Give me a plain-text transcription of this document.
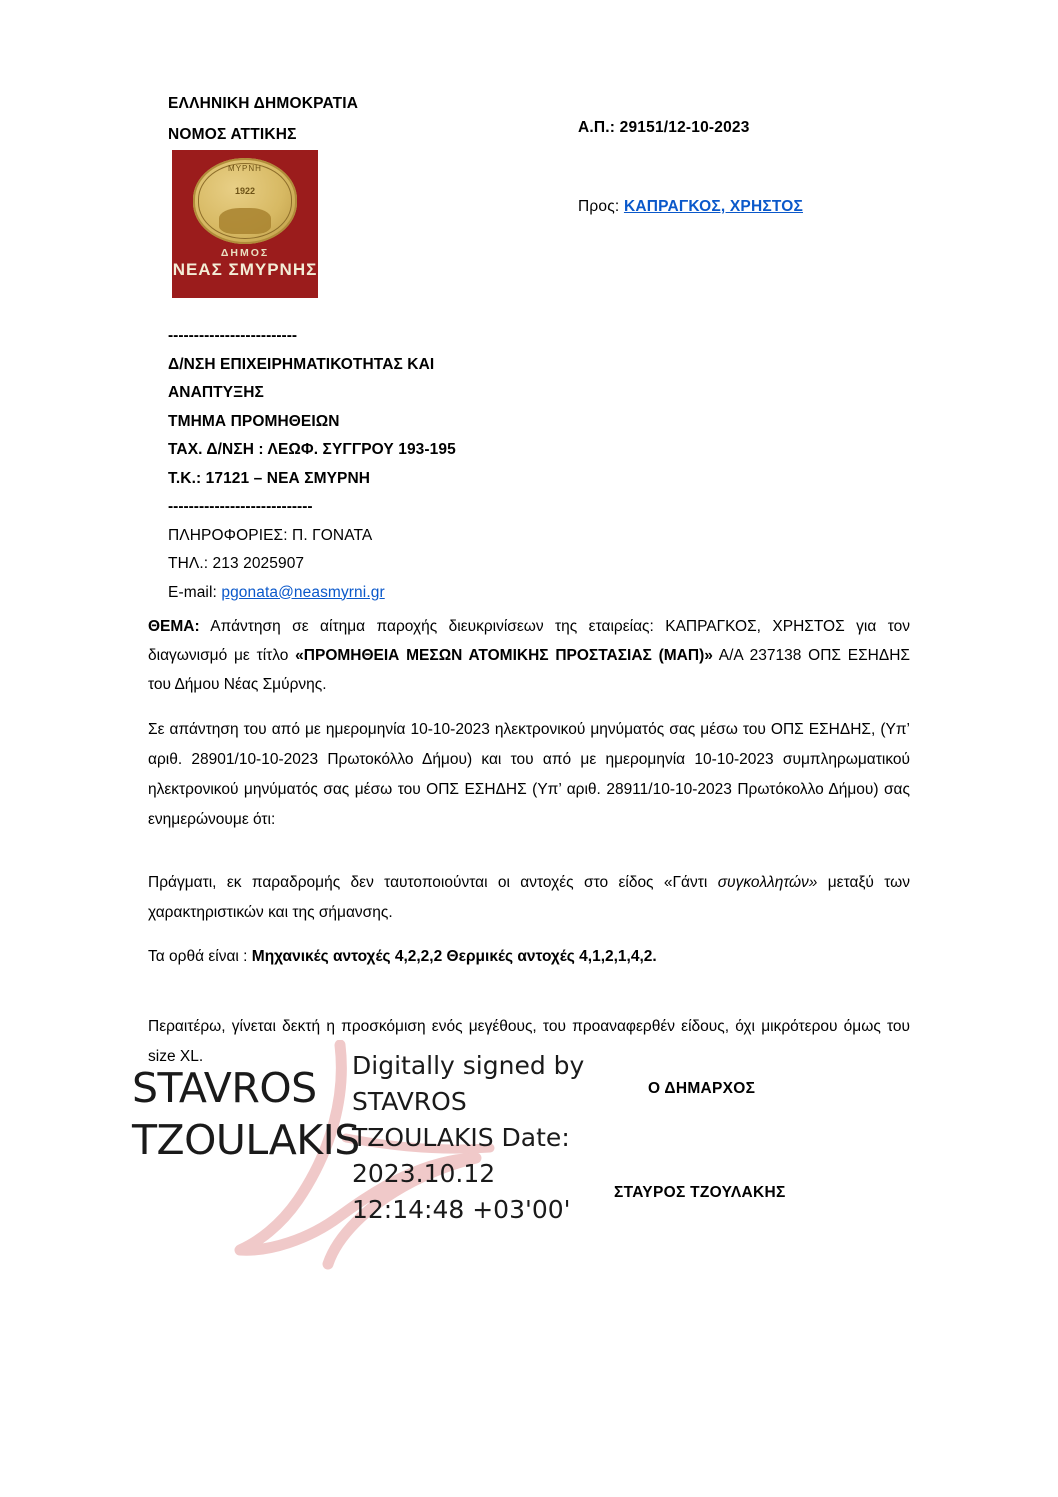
ΕΛΛΗΝΙΚΗ ΔΗΜΟΚΡΑΤΙΑ
ΝΟΜΟΣ ΑΤΤΙΚΗΣ	Α.Π.: 29151/12-10-2023
Προς: ΚΑΠΡΑΓΚΟΣ, ΧΡΗΣΤΟΣ
ΜΥΡΝΗ
1922
ΔΗΜΟΣ
ΝΕΑΣ ΣΜΥΡΝΗΣ
-------------------------
Δ/ΝΣΗ ΕΠΙΧΕΙΡΗΜΑΤΙΚΟΤΗΤΑΣ ΚΑΙ
ΑΝΑΠΤΥΞΗΣ
ΤΜΗΜΑ ΠΡΟΜΗΘΕΙΩΝ
ΤΑΧ. Δ/ΝΣΗ : ΛΕΩΦ. ΣΥΓΓΡΟΥ 193-195
Τ.Κ.: 17121 – ΝΕΑ ΣΜΥΡΝΗ
----------------------------
ΠΛΗΡΟΦΟΡΙΕΣ: Π. ΓΟΝΑΤΑ
ΤΗΛ.: 213 2025907
E-mail: pgonata@neasmyrni.gr
ΘΕΜΑ: Απάντηση σε αίτημα παροχής διευκρινίσεων της εταιρείας: ΚΑΠΡΑΓΚΟΣ, ΧΡΗΣΤΟΣ για τον διαγωνισμό με τίτλο «ΠΡΟΜΗΘΕΙΑ ΜΕΣΩΝ ΑΤΟΜΙΚΗΣ ΠΡΟΣΤΑΣΙΑΣ (ΜΑΠ)» Α/Α 237138 ΟΠΣ ΕΣΗΔΗΣ του Δήμου Νέας Σμύρνης.
Σε απάντηση του από με ημερομηνία 10-10-2023 ηλεκτρονικού μηνύματός σας μέσω του ΟΠΣ ΕΣΗΔΗΣ, (Υπ’ αριθ. 28901/10-10-2023 Πρωτοκόλλο Δήμου) και του από με ημερομηνία 10-10-2023 συμπληρωματικού ηλεκτρονικού μηνύματός σας μέσω του ΟΠΣ ΕΣΗΔΗΣ (Υπ’ αριθ. 28911/10-10-2023 Πρωτόκολλο Δήμου) σας ενημερώνουμε ότι:
Πράγματι, εκ παραδρομής δεν ταυτοποιούνται οι αντοχές στο είδος «Γάντι συγκολλητών» μεταξύ των χαρακτηριστικών και της σήμανσης.
Τα ορθά είναι : Μηχανικές αντοχές 4,2,2,2 Θερμικές αντοχές 4,1,2,1,4,2.
Περαιτέρω, γίνεται δεκτή η προσκόμιση ενός μεγέθους, του προαναφερθέν είδους, όχι μικρότερου όμως του size XL.
STAVROS TZOULAKIS
Digitally signed by STAVROS TZOULAKIS Date: 2023.10.12 12:14:48 +03'00'
Ο ΔΗΜΑΡΧΟΣ
ΣΤΑΥΡΟΣ ΤΖΟΥΛΑΚΗΣ
